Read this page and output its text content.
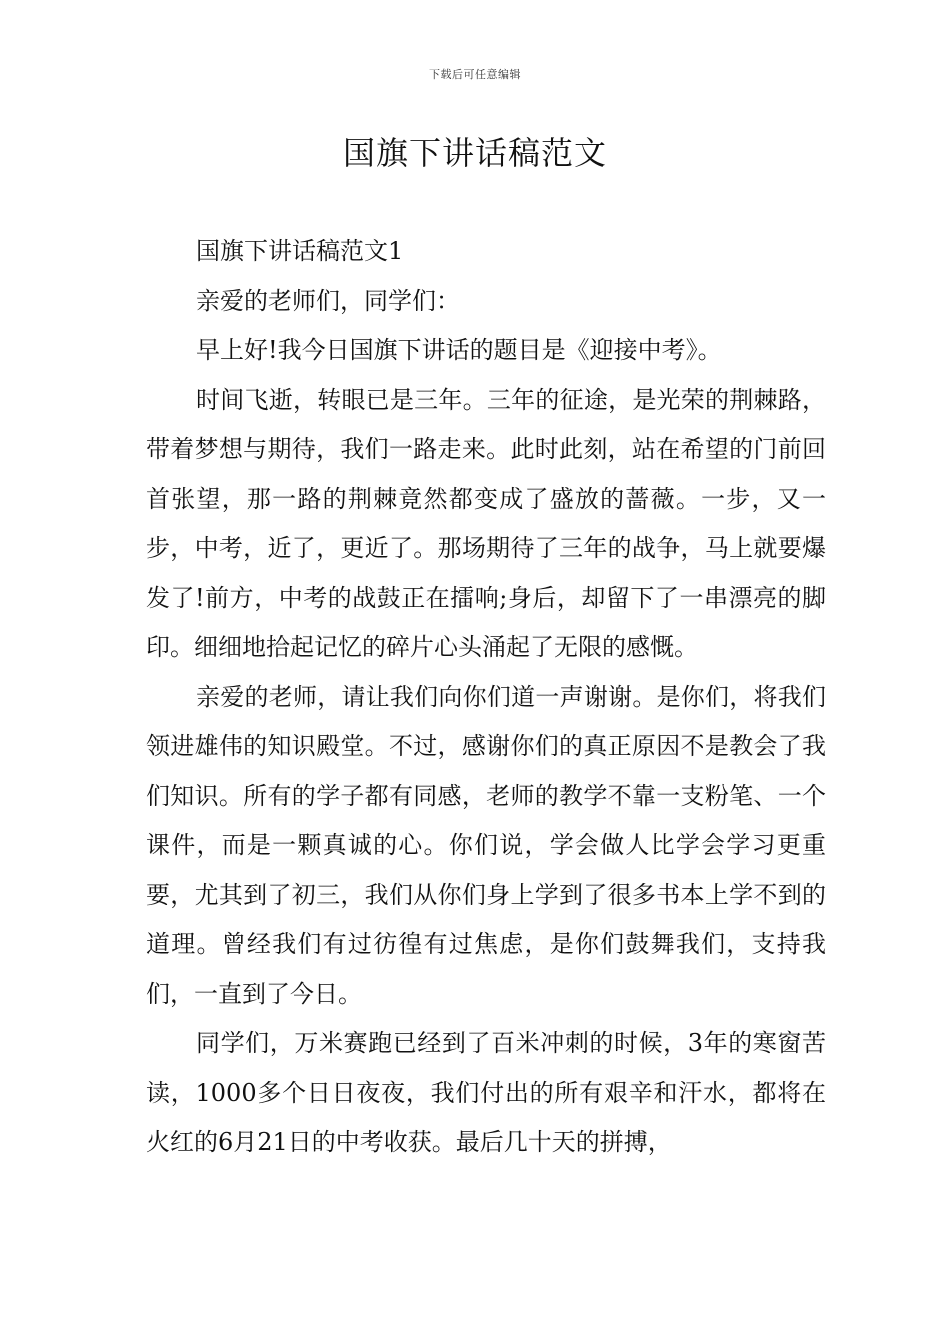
下载后可任意编辑
国旗下讲话稿范文

国旗下讲话稿范文1

亲爱的老师们，同学们：

早上好!我今日国旗下讲话的题目是《迎接中考》。

时间飞逝，转眼已是三年。三年的征途，是光荣的荆棘路，带着梦想与期待，我们一路走来。此时此刻，站在希望的门前回首张望，那一路的荆棘竟然都变成了盛放的蔷薇。一步，又一步，中考，近了，更近了。那场期待了三年的战争，马上就要爆发了!前方，中考的战鼓正在擂响;身后，却留下了一串漂亮的脚印。细细地拾起记忆的碎片心头涌起了无限的感慨。

亲爱的老师，请让我们向你们道一声谢谢。是你们，将我们领进雄伟的知识殿堂。不过，感谢你们的真正原因不是教会了我们知识。所有的学子都有同感，老师的教学不靠一支粉笔、一个课件，而是一颗真诚的心。你们说，学会做人比学会学习更重要，尤其到了初三，我们从你们身上学到了很多书本上学不到的道理。曾经我们有过彷徨有过焦虑，是你们鼓舞我们，支持我们，一直到了今日。

同学们，万米赛跑已经到了百米冲刺的时候，3年的寒窗苦读，1000多个日日夜夜，我们付出的所有艰辛和汗水，都将在火红的6月21日的中考收获。最后几十天的拼搏，
